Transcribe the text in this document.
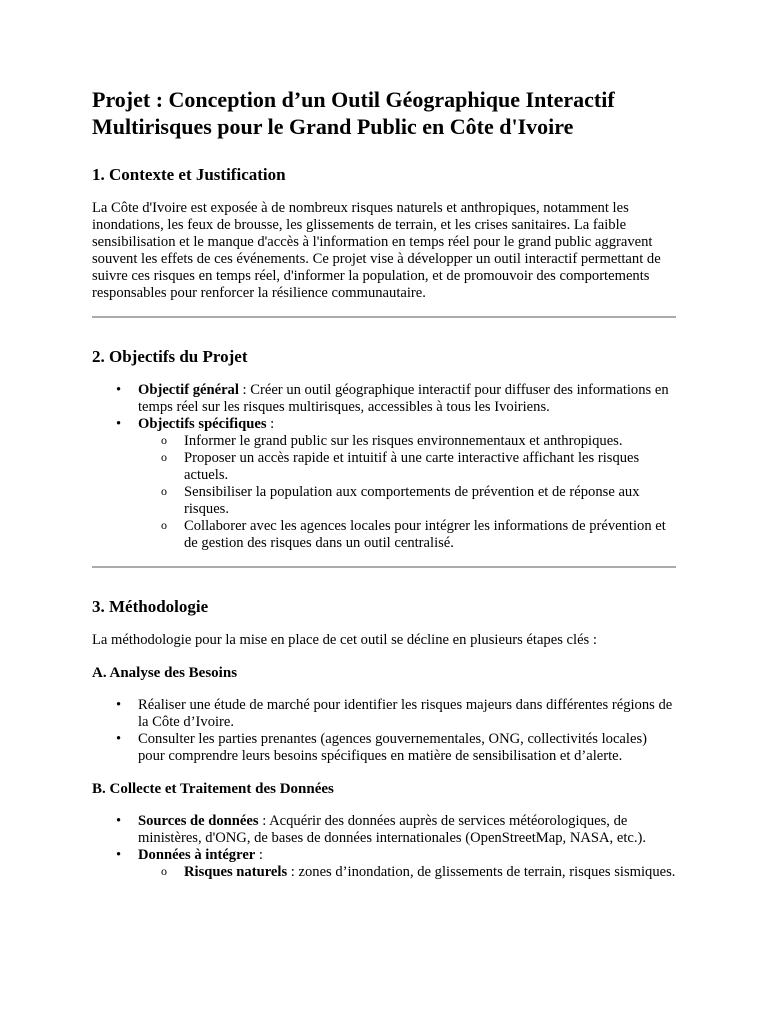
Projet : Conception d’un Outil Géographique Interactif Multirisques pour le Grand Public en Côte d'Ivoire
1. Contexte et Justification

La Côte d'Ivoire est exposée à de nombreux risques naturels et anthropiques, notamment les inondations, les feux de brousse, les glissements de terrain, et les crises sanitaires. La faible sensibilisation et le manque d'accès à l'information en temps réel pour le grand public aggravent souvent les effets de ces événements. Ce projet vise à développer un outil interactif permettant de suivre ces risques en temps réel, d'informer la population, et de promouvoir des comportements responsables pour renforcer la résilience communautaire.

2. Objectifs du Projet
• Objectif général : Créer un outil géographique interactif pour diffuser des informations en temps réel sur les risques multirisques, accessibles à tous les Ivoiriens.
• Objectifs spécifiques :
o Informer le grand public sur les risques environnementaux et anthropiques.
o Proposer un accès rapide et intuitif à une carte interactive affichant les risques actuels.
o Sensibiliser la population aux comportements de prévention et de réponse aux risques.
o Collaborer avec les agences locales pour intégrer les informations de prévention et de gestion des risques dans un outil centralisé.
3. Méthodologie

La méthodologie pour la mise en place de cet outil se décline en plusieurs étapes clés :

A. Analyse des Besoins
• Réaliser une étude de marché pour identifier les risques majeurs dans différentes régions de la Côte d’Ivoire.
• Consulter les parties prenantes (agences gouvernementales, ONG, collectivités locales) pour comprendre leurs besoins spécifiques en matière de sensibilisation et d’alerte.
B. Collecte et Traitement des Données
• Sources de données : Acquérir des données auprès de services météorologiques, de ministères, d'ONG, de bases de données internationales (OpenStreetMap, NASA, etc.).
• Données à intégrer :
o Risques naturels : zones d’inondation, de glissements de terrain, risques sismiques.
